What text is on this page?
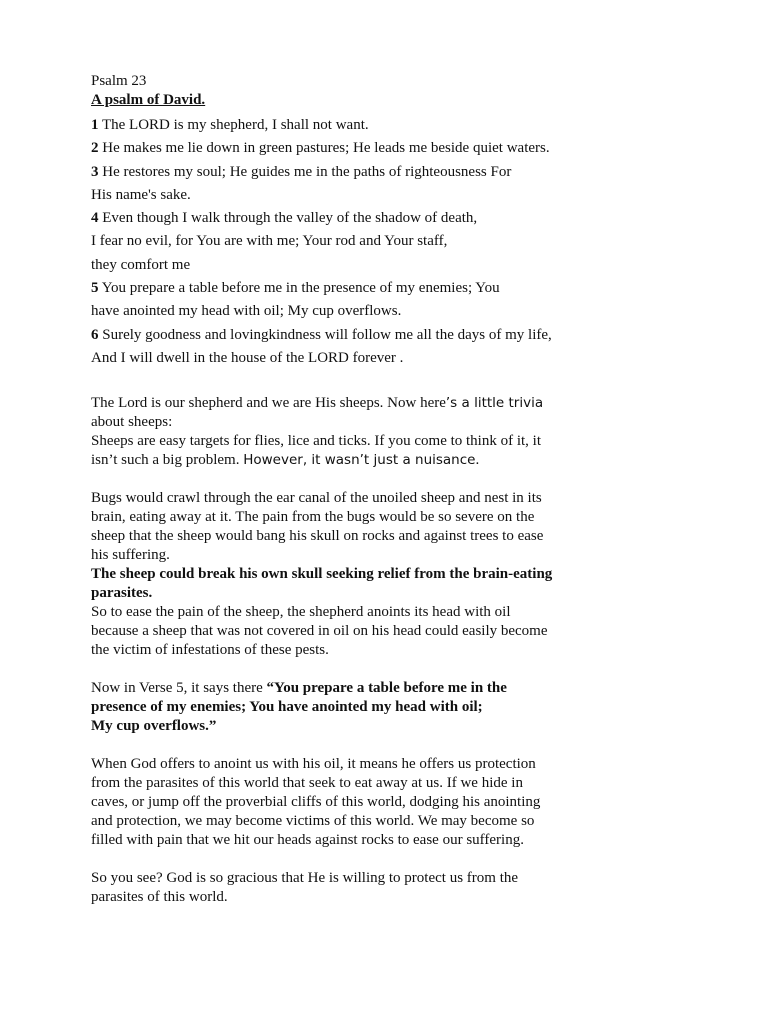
Psalm 23

A psalm of David.

1 The LORD is my shepherd, I shall not want.

2 He makes me lie down in green pastures; He leads me beside quiet waters.

3 He restores my soul; He guides me in the paths of righteousness For

His name's sake.

4 Even though I walk through the valley of the shadow of death,

I fear no evil, for You are with me; Your rod and Your staff,

they comfort me

5 You prepare a table before me in the presence of my enemies; You

have anointed my head with oil; My cup overflows.

6 Surely goodness and lovingkindness will follow me all the days of my life,

And I will dwell in the house of the LORD forever .

The Lord is our shepherd and we are His sheeps. Now here’s a little trivia

about sheeps:

Sheeps are easy targets for flies, lice and ticks. If you come to think of it, it

isn’t such a big problem. However, it wasn’t just a nuisance.

Bugs would crawl through the ear canal of the unoiled sheep and nest in its

brain, eating away at it. The pain from the bugs would be so severe on the

sheep that the sheep would bang his skull on rocks and against trees to ease

his suffering.

The sheep could break his own skull seeking relief from the brain-eating

parasites.

So to ease the pain of the sheep, the shepherd anoints its head with oil

because a sheep that was not covered in oil on his head could easily become

the victim of infestations of these pests.

Now in Verse 5, it says there “You prepare a table before me in the

presence of my enemies; You have anointed my head with oil;

My cup overflows.”

When God offers to anoint us with his oil, it means he offers us protection

from the parasites of this world that seek to eat away at us. If we hide in

caves, or jump off the proverbial cliffs of this world, dodging his anointing

and protection, we may become victims of this world. We may become so

filled with pain that we hit our heads against rocks to ease our suffering.

So you see? God is so gracious that He is willing to protect us from the

parasites of this world.
